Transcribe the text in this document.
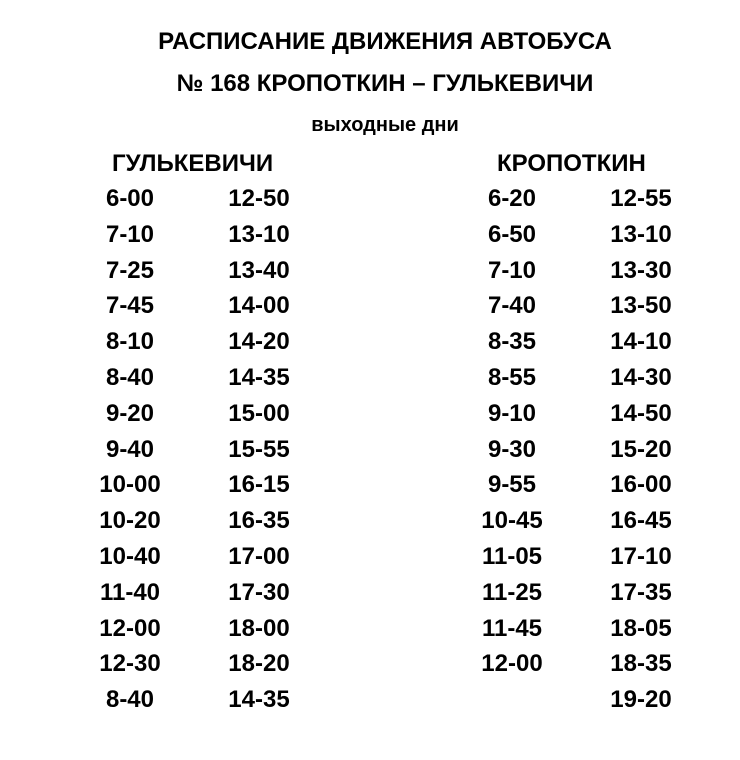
РАСПИСАНИЕ ДВИЖЕНИЯ АВТОБУСА
№ 168 КРОПОТКИН – ГУЛЬКЕВИЧИ
выходные дни
ГУЛЬКЕВИЧИ	КРОПОТКИН
6-00
7-10
7-25
7-45
8-10
8-40
9-20
9-40
10-00
10-20
10-40
11-40
12-00
12-30
8-40
12-50
13-10
13-40
14-00
14-20
14-35
15-00
15-55
16-15
16-35
17-00
17-30
18-00
18-20
14-35
6-20
6-50
7-10
7-40
8-35
8-55
9-10
9-30
9-55
10-45
11-05
11-25
11-45
12-00
12-55
13-10
13-30
13-50
14-10
14-30
14-50
15-20
16-00
16-45
17-10
17-35
18-05
18-35
19-20
